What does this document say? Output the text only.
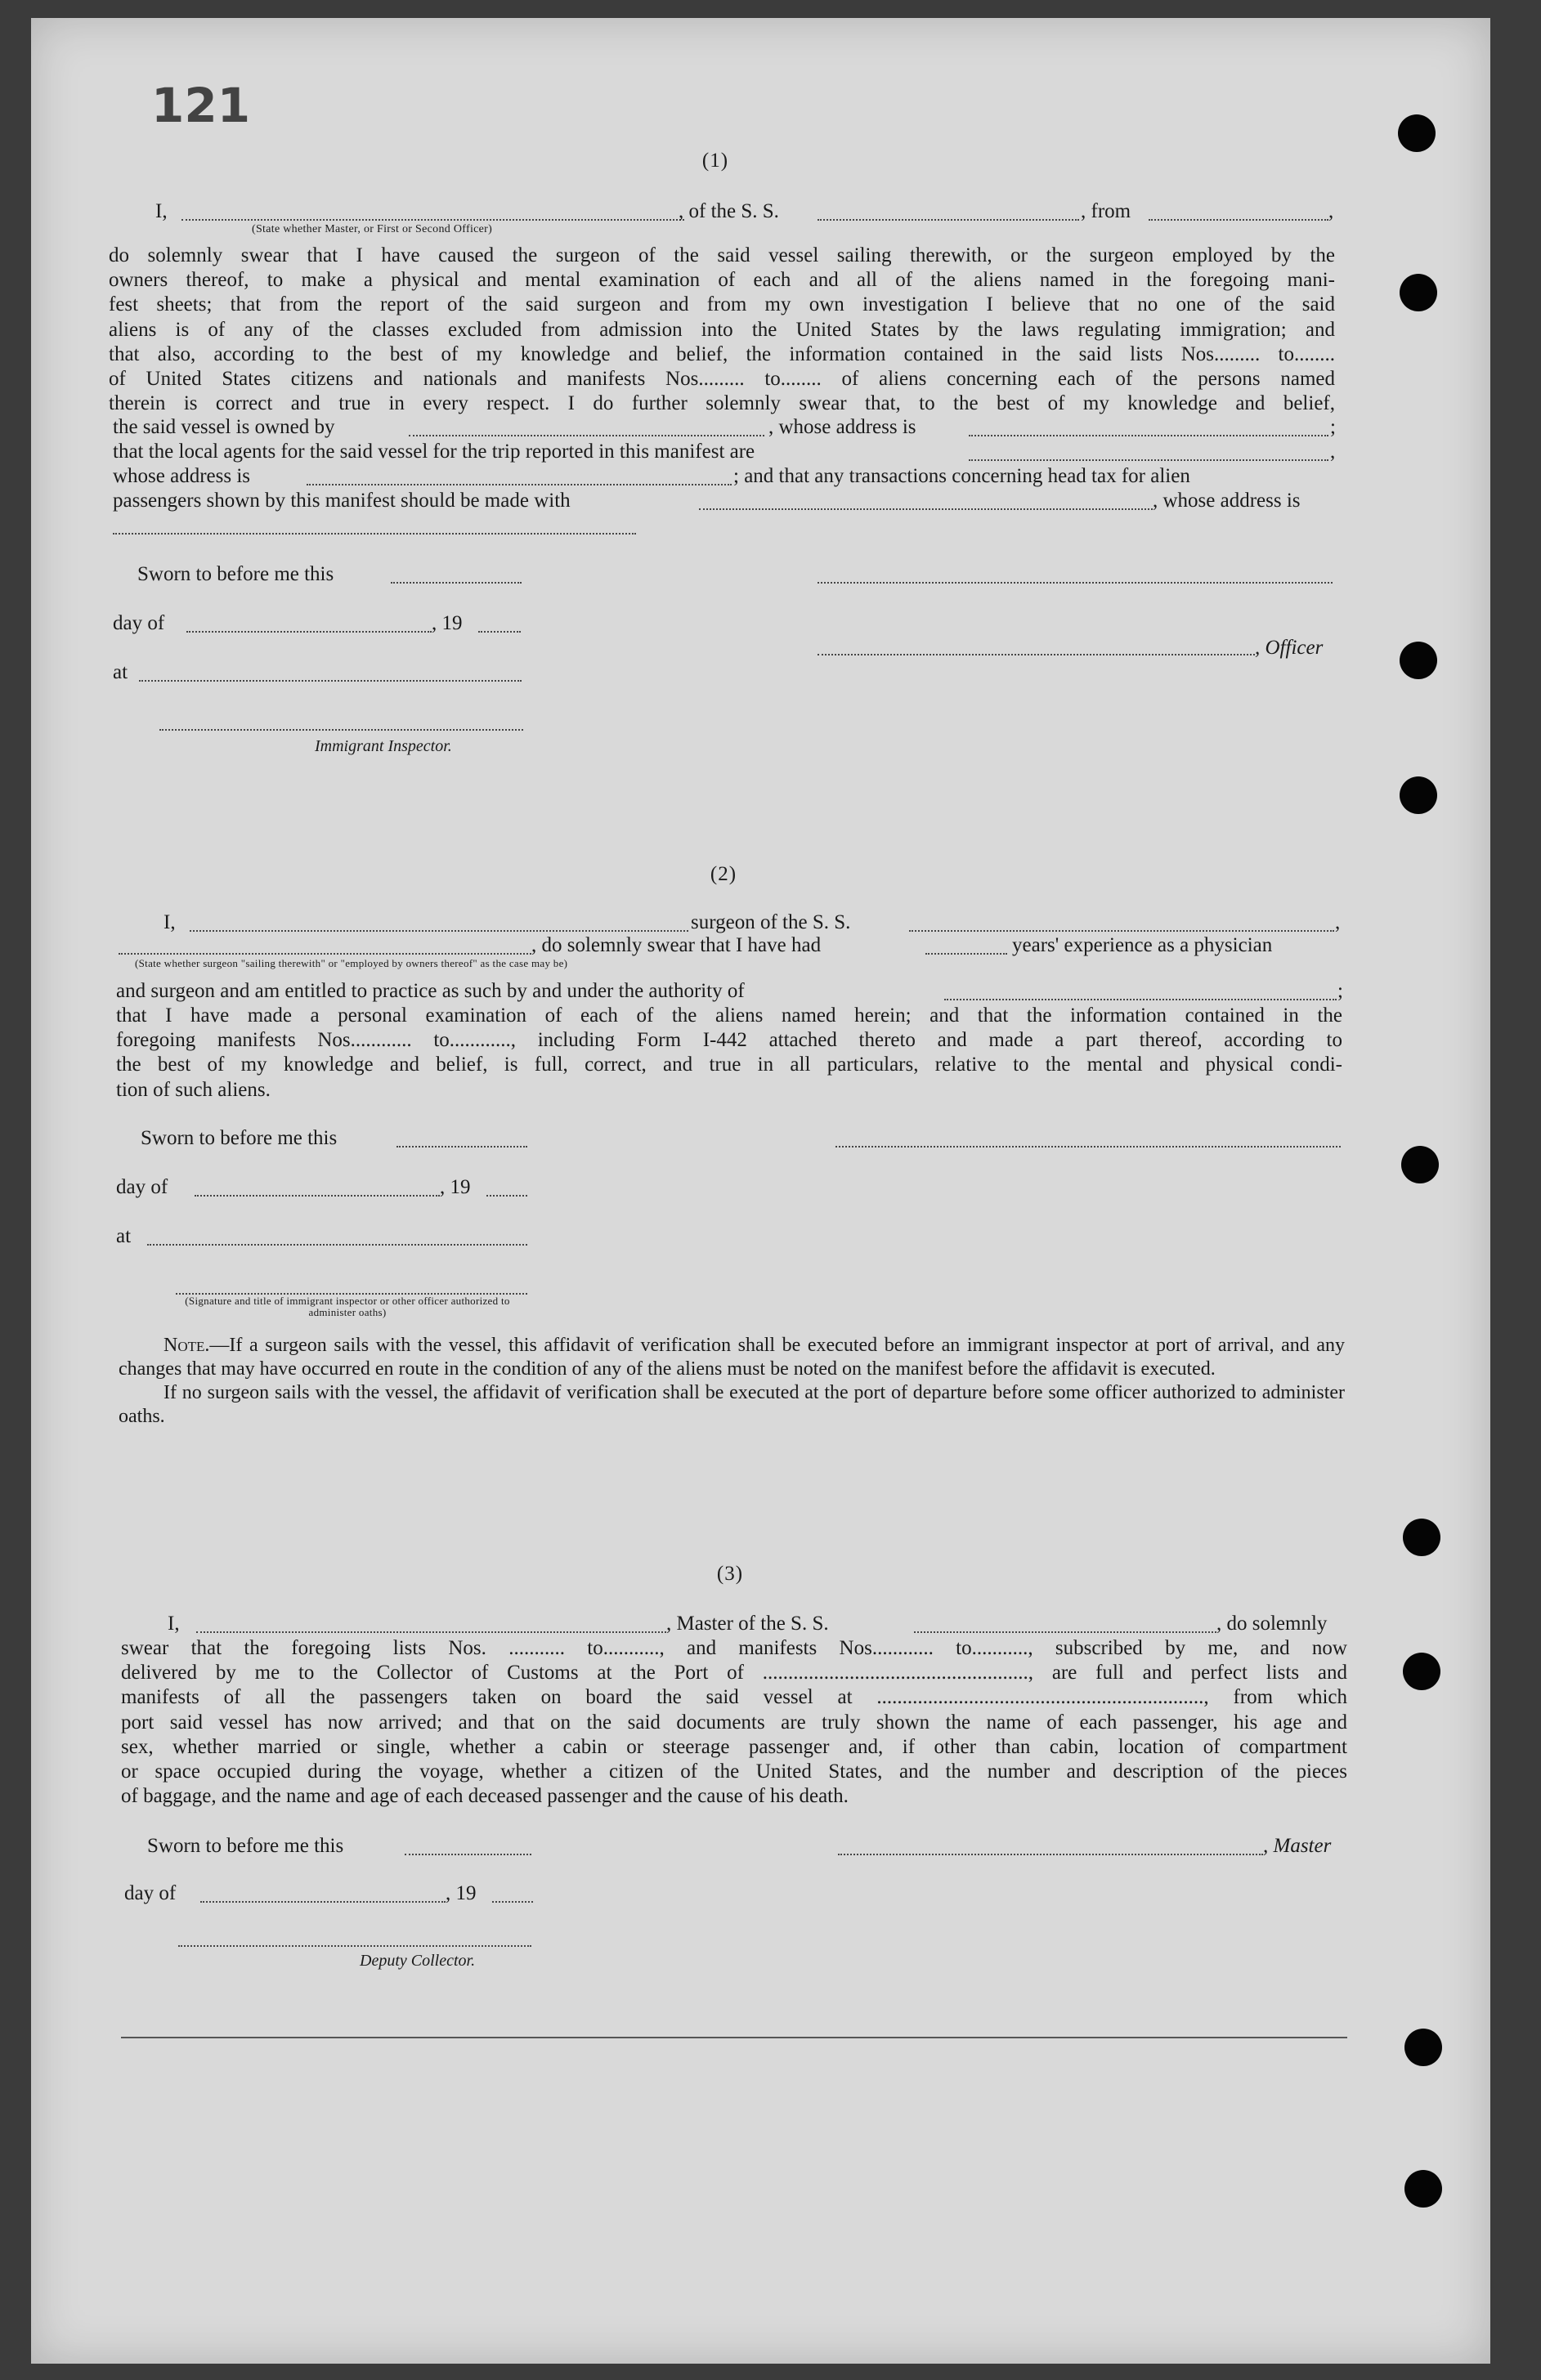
121
(1)
I,	, of the S. S.	, from	,
(State whether Master, or First or Second Officer)
do solemnly swear that I have caused the surgeon of the said vessel sailing therewith, or the surgeon employed by the
owners thereof, to make a physical and mental examination of each and all of the aliens named in the foregoing mani-
fest sheets; that from the report of the said surgeon and from my own investigation I believe that no one of the said
aliens is of any of the classes excluded from admission into the United States by the laws regulating immigration; and
that also, according to the best of my knowledge and belief, the information contained in the said lists Nos......... to........
of United States citizens and nationals and manifests Nos......... to........ of aliens concerning each of the persons named
therein is correct and true in every respect. I do further solemnly swear that, to the best of my knowledge and belief,
the said vessel is owned by	, whose address is	;
that the local agents for the said vessel for the trip reported in this manifest are	,
whose address is	; and that any transactions concerning head tax for alien
passengers shown by this manifest should be made with	, whose address is
Sworn to before me this
day of	, 19
at
, Officer
Immigrant Inspector.
(2)
I,	surgeon of the S. S.	,
, do solemnly swear that I have had	years' experience as a physician
(State whether surgeon "sailing therewith" or "employed by owners thereof" as the case may be)
and surgeon and am entitled to practice as such by and under the authority of	;
that I have made a personal examination of each of the aliens named herein; and that the information contained in the
foregoing manifests Nos............ to............, including Form I-442 attached thereto and made a part thereof, according to
the best of my knowledge and belief, is full, correct, and true in all particulars, relative to the mental and physical condi-
tion of such aliens.
Sworn to before me this
day of	, 19
at
(Signature and title of immigrant inspector or other officer authorized to administer oaths)
Note.—If a surgeon sails with the vessel, this affidavit of verification shall be executed before an immigrant inspector at port of arrival, and any changes that may have occurred en route in the condition of any of the aliens must be noted on the manifest before the affidavit is executed.
If no surgeon sails with the vessel, the affidavit of verification shall be executed at the port of departure before some officer authorized to administer oaths.
(3)
I,	, Master of the S. S.	, do solemnly
swear that the foregoing lists Nos. ........... to..........., and manifests Nos............ to..........., subscribed by me, and now
delivered by me to the Collector of Customs at the Port of ...................................................., are full and perfect lists and
manifests of all the passengers taken on board the said vessel at ................................................................, from which
port said vessel has now arrived; and that on the said documents are truly shown the name of each passenger, his age and
sex, whether married or single, whether a cabin or steerage passenger and, if other than cabin, location of compartment
or space occupied during the voyage, whether a citizen of the United States, and the number and description of the pieces
of baggage, and the name and age of each deceased passenger and the cause of his death.
Sworn to before me this	, Master
day of	, 19
Deputy Collector.
